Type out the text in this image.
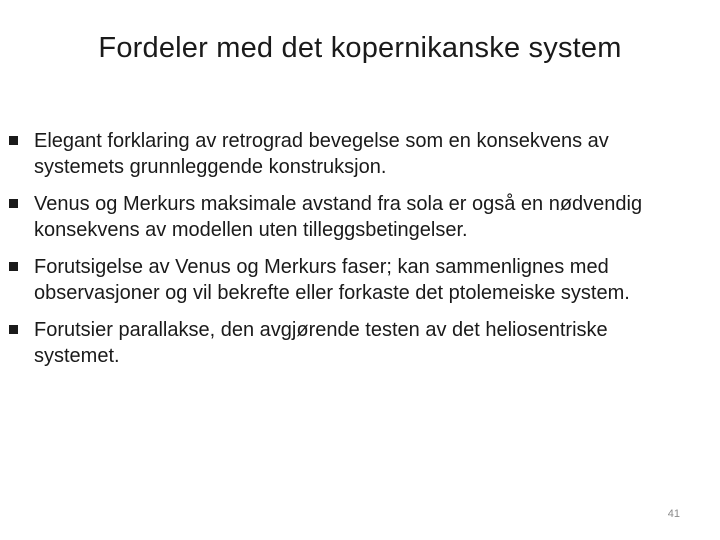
Fordeler med det kopernikanske system
Elegant forklaring av retrograd bevegelse som en konsekvens av systemets grunnleggende konstruksjon.
Venus og Merkurs maksimale avstand fra sola er også en nødvendig konsekvens av modellen uten tilleggsbetingelser.
Forutsigelse av Venus og Merkurs faser; kan sammenlignes med observasjoner og vil bekrefte eller forkaste det ptolemeiske system.
Forutsier parallakse, den avgjørende testen av det heliosentriske systemet.
41
